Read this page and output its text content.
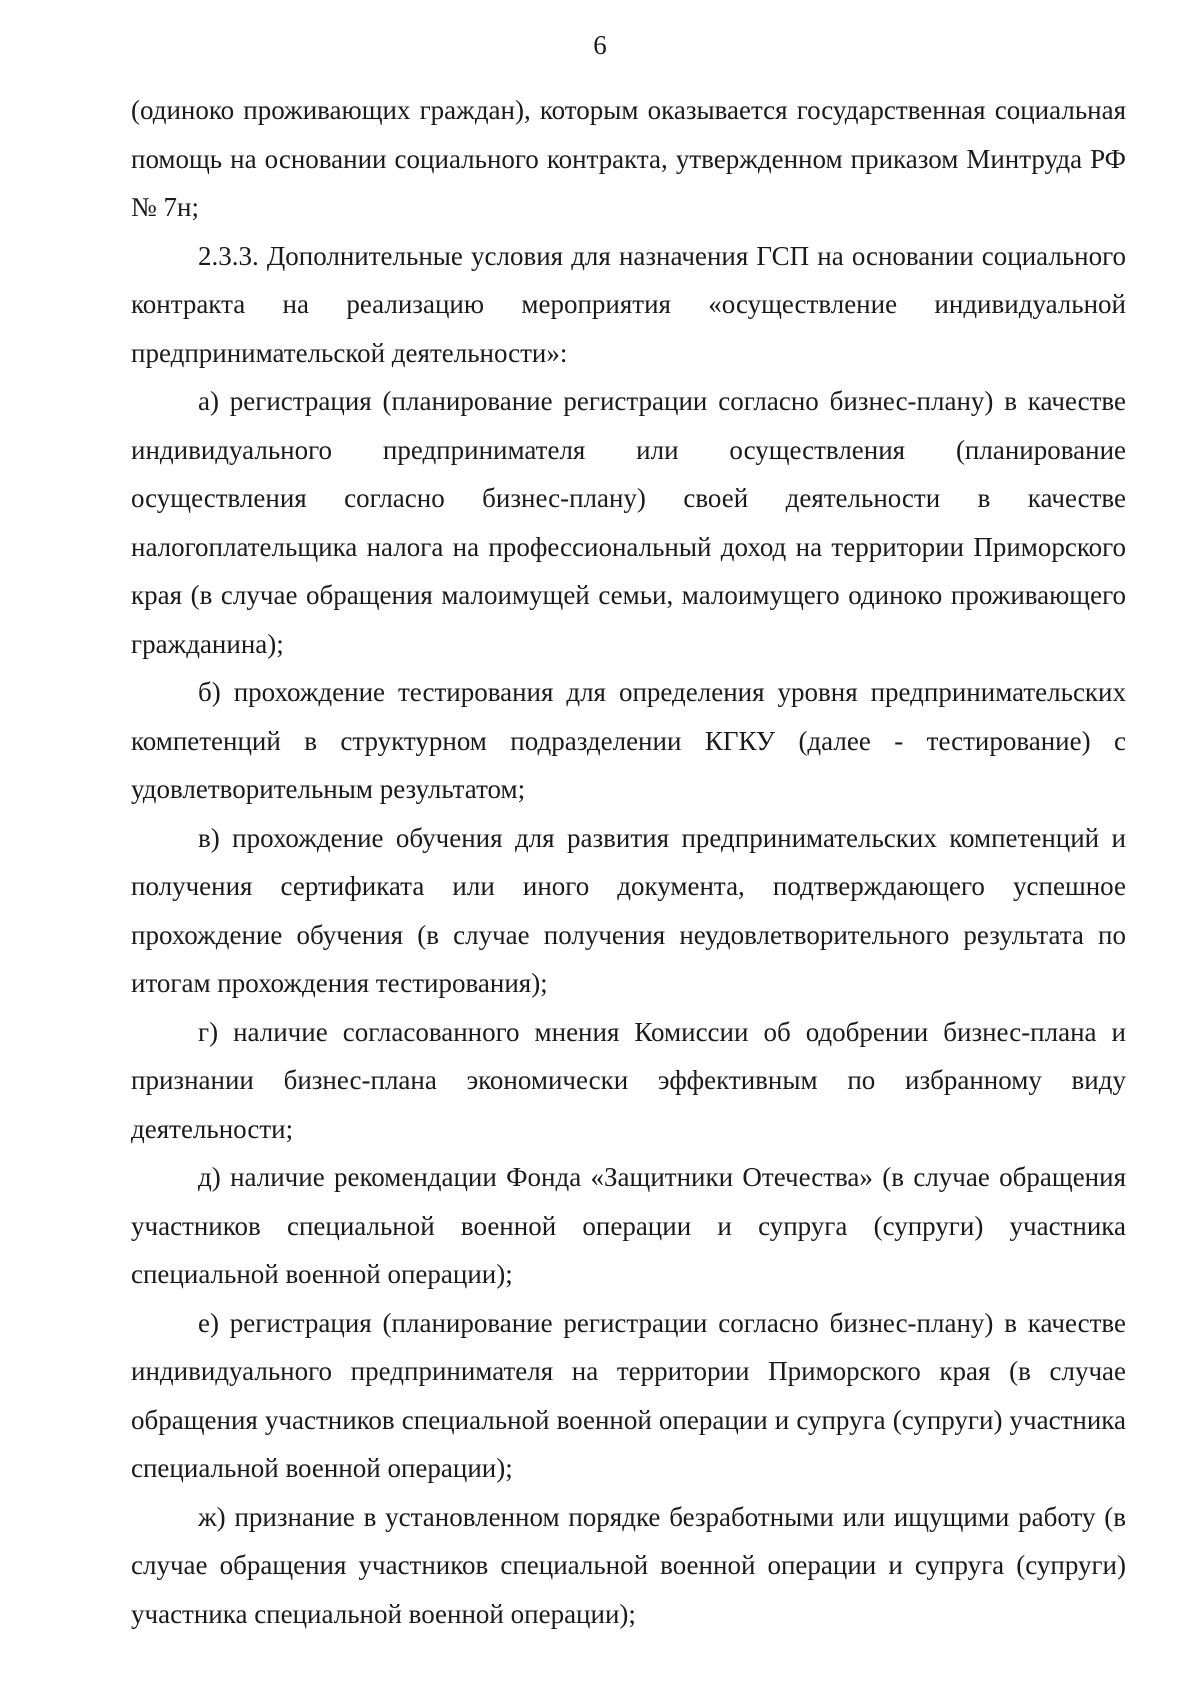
6

(одиноко проживающих граждан), которым оказывается государственная социальная помощь на основании социального контракта, утвержденном приказом Минтруда РФ № 7н;

2.3.3. Дополнительные условия для назначения ГСП на основании социального контракта на реализацию мероприятия «осуществление индивидуальной предпринимательской деятельности»:

а) регистрация (планирование регистрации согласно бизнес-плану) в качестве индивидуального предпринимателя или осуществления (планирование осуществления согласно бизнес-плану) своей деятельности в качестве налогоплательщика налога на профессиональный доход на территории Приморского края (в случае обращения малоимущей семьи, малоимущего одиноко проживающего гражданина);

б) прохождение тестирования для определения уровня предпринимательских компетенций в структурном подразделении КГКУ (далее - тестирование) с удовлетворительным результатом;

в) прохождение обучения для развития предпринимательских компетенций и получения сертификата или иного документа, подтверждающего успешное прохождение обучения (в случае получения неудовлетворительного результата по итогам прохождения тестирования);

г) наличие согласованного мнения Комиссии об одобрении бизнес-плана и признании бизнес-плана экономически эффективным по избранному виду деятельности;

д) наличие рекомендации Фонда «Защитники Отечества» (в случае обращения участников специальной военной операции и супруга (супруги) участника специальной военной операции);

е) регистрация (планирование регистрации согласно бизнес-плану) в качестве индивидуального предпринимателя на территории Приморского края (в случае обращения участников специальной военной операции и супруга (супруги) участника специальной военной операции);

ж) признание в установленном порядке безработными или ищущими работу (в случае обращения участников специальной военной операции и супруга (супруги) участника специальной военной операции);
